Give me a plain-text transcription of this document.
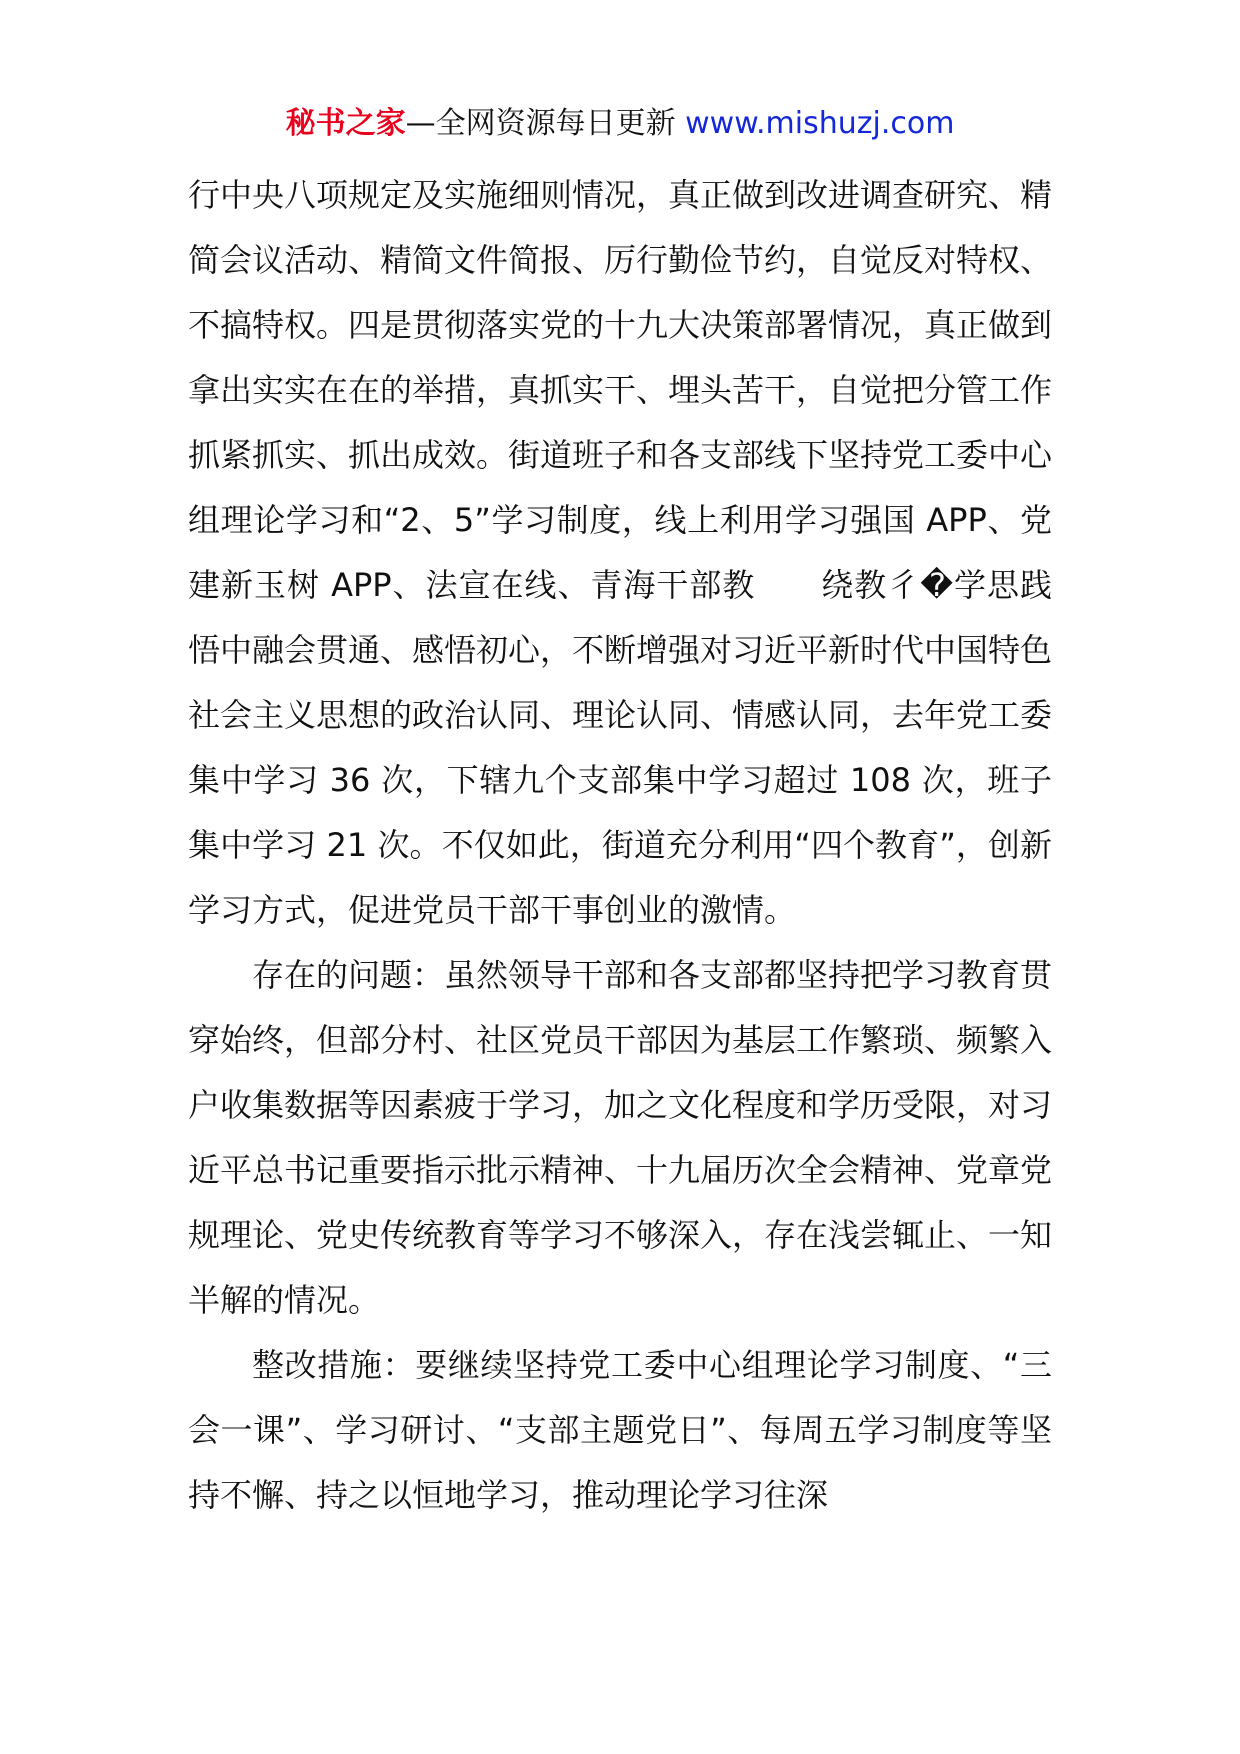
秘书之家—全网资源每日更新 www.mishuzj.com

行中央八项规定及实施细则情况，真正做到改进调查研究、精简会议活动、精简文件简报、厉行勤俭节约，自觉反对特权、不搞特权。四是贯彻落实党的十九大决策部署情况，真正做到拿出实实在在的举措，真抓实干、埋头苦干，自觉把分管工作抓紧抓实、抓出成效。街道班子和各支部线下坚持党工委中心组理论学习和“2、5”学习制度，线上利用学习强国 APP、党建新玉树 APP、法宣在线、青海干部教　　绕教彳�学思践悟中融会贯通、感悟初心，不断增强对习近平新时代中国特色社会主义思想的政治认同、理论认同、情感认同，去年党工委集中学习 36 次，下辖九个支部集中学习超过 108 次，班子集中学习 21 次。不仅如此，街道充分利用“四个教育”，创新学习方式，促进党员干部干事创业的激情。

存在的问题：虽然领导干部和各支部都坚持把学习教育贯穿始终，但部分村、社区党员干部因为基层工作繁琐、频繁入户收集数据等因素疲于学习，加之文化程度和学历受限，对习近平总书记重要指示批示精神、十九届历次全会精神、党章党规理论、党史传统教育等学习不够深入，存在浅尝辄止、一知半解的情况。

整改措施：要继续坚持党工委中心组理论学习制度、“三会一课”、学习研讨、“支部主题党日”、每周五学习制度等坚持不懈、持之以恒地学习，推动理论学习往深
